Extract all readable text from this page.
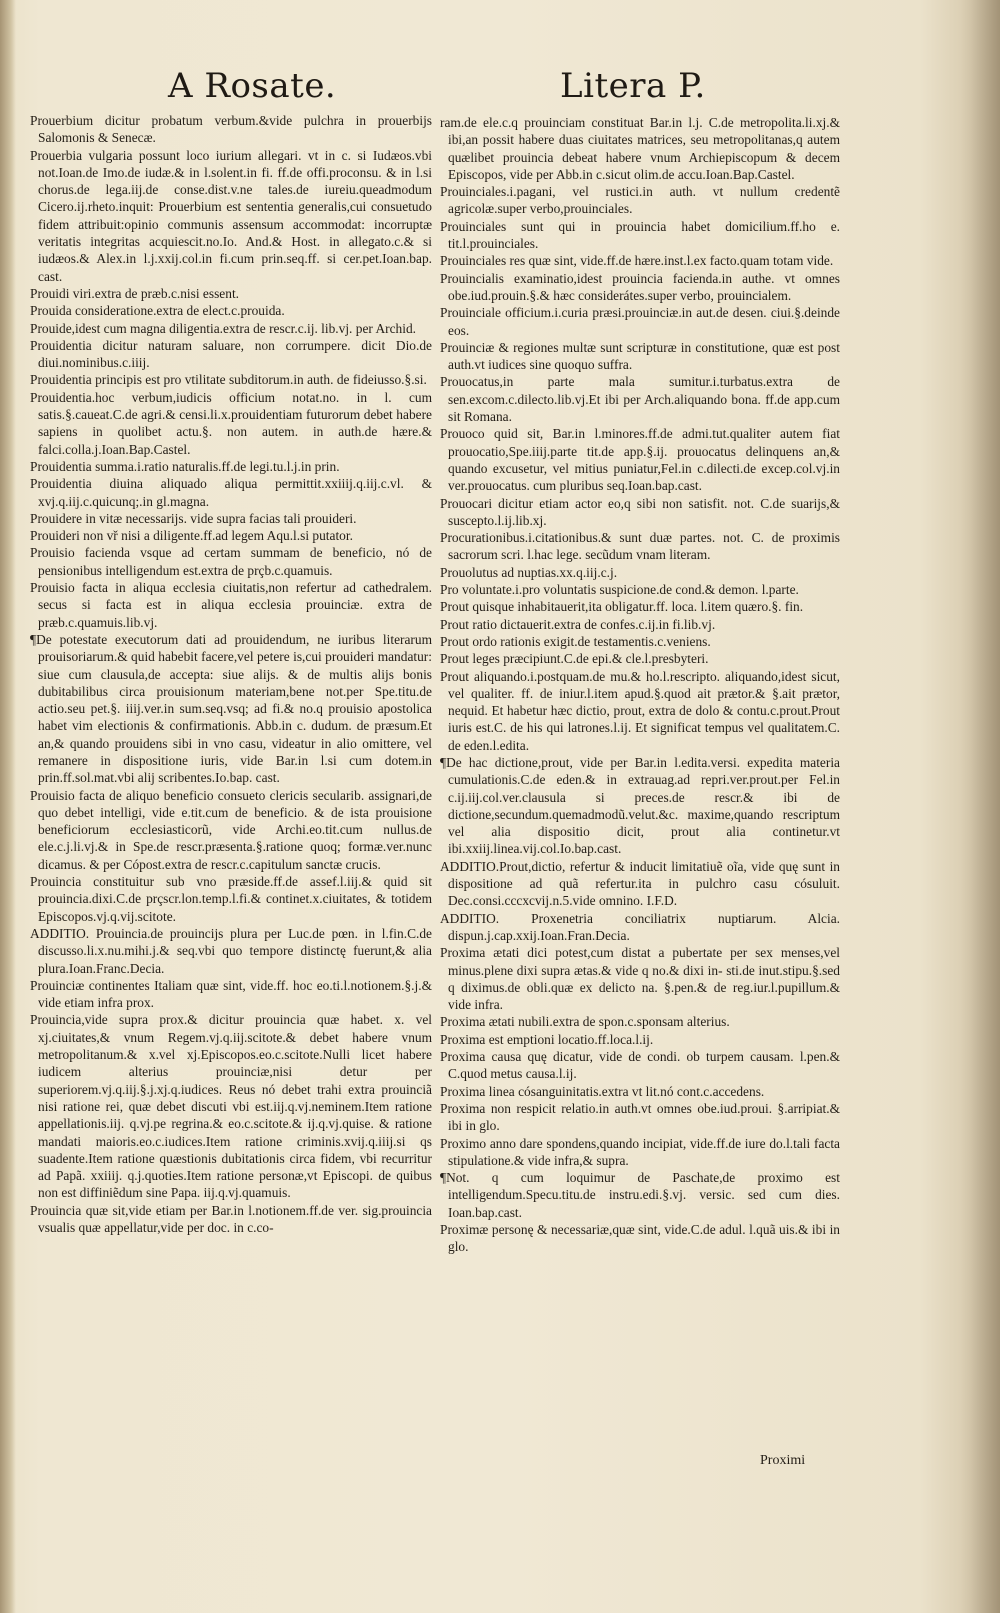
A Rosate.	Litera P.

Prouerbium dicitur probatum verbum.&vide pulchra in prouerbijs Salomonis & Senecæ.

Prouerbia vulgaria possunt loco iurium allegari. vt in c. si Iudæos.vbi not.Ioan.de Imo.de iudæ.& in l.solent.in fi. ff.de offi.proconsu. & in l.si chorus.de lega.iij.de conse.dist.v.ne tales.de iureiu.queadmodum Cicero.ij.rheto.inquit: Prouerbium est sententia generalis,cui consuetudo fidem attribuit:opinio communis assensum accommodat: incorruptæ veritatis integritas acquiescit.no.Io. And.& Host. in allegato.c.& si iudæos.& Alex.in l.j.xxij.col.in fi.cum prin.seq.ff. si cer.pet.Ioan.bap. cast.

Prouidi viri.extra de præb.c.nisi essent.

Prouida consideratione.extra de elect.c.prouida.

Prouide,idest cum magna diligentia.extra de rescr.c.ij. lib.vj. per Archid.

Prouidentia dicitur naturam saluare, non corrumpere. dicit Dio.de diui.nominibus.c.iiij.

Prouidentia principis est pro vtilitate subditorum.in auth. de fideiusso.§.si.

Prouidentia.hoc verbum,iudicis officium notat.no. in l. cum satis.§.caueat.C.de agri.& censi.li.x.prouidentiam futurorum debet habere sapiens in quolibet actu.§. non autem. in auth.de hære.& falci.colla.j.Ioan.Bap.Castel.

Prouidentia summa.i.ratio naturalis.ff.de legi.tu.l.j.in prin.

Prouidentia diuina aliquado aliqua permittit.xxiiij.q.iij.c.vl. & xvj.q.iij.c.quicunq;.in gl.magna.

Prouidere in vitæ necessarijs. vide supra facias tali prouideri.

Prouideri non vř nisi a diligente.ff.ad legem Aqu.l.si putator.

Prouisio facienda vsque ad certam summam de beneficio, nó de pensionibus intelligendum est.extra de prçb.c.quamuis.

Prouisio facta in aliqua ecclesia ciuitatis,non refertur ad cathedralem. secus si facta est in aliqua ecclesia prouinciæ. extra de præb.c.quamuis.lib.vj.

¶De potestate executorum dati ad prouidendum, ne iuribus literarum prouisoriarum.& quid habebit facere,vel petere is,cui prouideri mandatur: siue cum clausula,de accepta: siue alijs. & de multis alijs bonis dubitabilibus circa prouisionum materiam,bene not.per Spe.titu.de actio.seu pet.§. iiij.ver.in sum.seq.vsq; ad fi.& no.q prouisio apostolica habet vim electionis & confirmationis. Abb.in c. dudum. de præsum.Et an,& quando prouidens sibi in vno casu, videatur in alio omittere, vel remanere in dispositione iuris, vide Bar.in l.si cum dotem.in prin.ff.sol.mat.vbi alij scribentes.Io.bap. cast.

Prouisio facta de aliquo beneficio consueto clericis secularib. assignari,de quo debet intelligi, vide e.tit.cum de beneficio. & de ista prouisione beneficiorum ecclesiasticorũ, vide Archi.eo.tit.cum nullus.de ele.c.j.li.vj.& in Spe.de rescr.præsenta.§.ratione quoq; formæ.ver.nunc dicamus. & per Cópost.extra de rescr.c.capitulum sanctæ crucis.

Prouincia constituitur sub vno præside.ff.de assef.l.iij.& quid sit prouincia.dixi.C.de prçscr.lon.temp.l.fi.& continet.x.ciuitates, & totidem Episcopos.vj.q.vij.scitote.

ADDITIO. Prouincia.de prouincijs plura per Luc.de pœn. in l.fin.C.de discusso.li.x.nu.mihi.j.& seq.vbi quo tempore distinctę fuerunt,& alia plura.Ioan.Franc.Decia.

Prouinciæ continentes Italiam quæ sint, vide.ff. hoc eo.ti.l.notionem.§.j.& vide etiam infra prox.

Prouincia,vide supra prox.& dicitur prouincia quæ habet. x. vel xj.ciuitates,& vnum Regem.vj.q.iij.scitote.& debet habere vnum metropolitanum.& x.vel xj.Episcopos.eo.c.scitote.Nulli licet habere iudicem alterius prouinciæ,nisi detur per superiorem.vj.q.iij.§.j.xj.q.iudices. Reus nó debet trahi extra prouinciã nisi ratione rei, quæ debet discuti vbi est.iij.q.vj.neminem.Item ratione appellationis.iij. q.vj.pe regrina.& eo.c.scitote.& ij.q.vj.quise. & ratione mandati maioris.eo.c.iudices.Item ratione criminis.xvij.q.iiij.si qs suadente.Item ratione quæstionis dubitationis circa fidem, vbi recurritur ad Papã. xxiiij. q.j.quoties.Item ratione personæ,vt Episcopi. de quibus non est diffiniẽdum sine Papa. iij.q.vj.quamuis.

Prouincia quæ sit,vide etiam per Bar.in l.notionem.ff.de ver. sig.prouincia vsualis quæ appellatur,vide per doc. in c.co-

ram.de ele.c.q prouinciam constituat Bar.in l.j. C.de metropolita.li.xj.& ibi,an possit habere duas ciuitates matrices, seu metropolitanas,q autem quælibet prouincia debeat habere vnum Archiepiscopum & decem Episcopos, vide per Abb.in c.sicut olim.de accu.Ioan.Bap.Castel.

Prouinciales.i.pagani, vel rustici.in auth. vt nullum credentẽ agricolæ.super verbo,prouinciales.

Prouinciales sunt qui in prouincia habet domicilium.ff.ho e. tit.l.prouinciales.

Prouinciales res quæ sint, vide.ff.de hære.inst.l.ex facto.quam totam vide.

Prouincialis examinatio,idest prouincia facienda.in authe. vt omnes obe.iud.prouin.§.& hæc considerátes.super verbo, prouincialem.

Prouinciale officium.i.curia præsi.prouinciæ.in aut.de desen. ciui.§.deinde eos.

Prouinciæ & regiones multæ sunt scripturæ in constitutione, quæ est post auth.vt iudices sine quoquo suffra.

Prouocatus,in parte mala sumitur.i.turbatus.extra de sen.excom.c.dilecto.lib.vj.Et ibi per Arch.aliquando bona. ff.de app.cum sit Romana.

Prouoco quid sit, Bar.in l.minores.ff.de admi.tut.qualiter autem fiat prouocatio,Spe.iiij.parte tit.de app.§.ij. prouocatus delinquens an,& quando excusetur, vel mitius puniatur,Fel.in c.dilecti.de excep.col.vj.in ver.prouocatus. cum pluribus seq.Ioan.bap.cast.

Prouocari dicitur etiam actor eo,q sibi non satisfit. not. C.de suarijs,& suscepto.l.ij.lib.xj.

Procurationibus.i.citationibus.& sunt duæ partes. not. C. de proximis sacrorum scri. l.hac lege. secũdum vnam literam.

Prouolutus ad nuptias.xx.q.iij.c.j.

Pro voluntate.i.pro voluntatis suspicione.de cond.& demon. l.parte.

Prout quisque inhabitauerit,ita obligatur.ff. loca. l.item quæro.§. fin.

Prout ratio dictauerit.extra de confes.c.ij.in fi.lib.vj.

Prout ordo rationis exigit.de testamentis.c.veniens.

Prout leges præcipiunt.C.de epi.& cle.l.presbyteri.

Prout aliquando.i.postquam.de mu.& ho.l.rescripto. aliquando,idest sicut, vel qualiter. ff. de iniur.l.item apud.§.quod ait prætor.& §.ait prætor, nequid. Et habetur hæc dictio, prout, extra de dolo & contu.c.prout.Prout iuris est.C. de his qui latrones.l.ij. Et significat tempus vel qualitatem.C. de eden.l.edita.

¶De hac dictione,prout, vide per Bar.in l.edita.versi. expedita materia cumulationis.C.de eden.& in extrauag.ad repri.ver.prout.per Fel.in c.ij.iij.col.ver.clausula si preces.de rescr.& ibi de dictione,secundum.quemadmodũ.velut.&c. maxime,quando rescriptum vel alia dispositio dicit, prout alia continetur.vt ibi.xxiij.linea.vij.col.Io.bap.cast.

ADDITIO.Prout,dictio, refertur & inducit limitatiuẽ oĩa, vide quę sunt in dispositione ad quã refertur.ita in pulchro casu cósuluit. Dec.consi.cccxcvij.n.5.vide omnino. I.F.D.

ADDITIO. Proxenetria conciliatrix nuptiarum. Alcia. dispun.j.cap.xxij.Ioan.Fran.Decia.

Proxima ætati dici potest,cum distat a pubertate per sex menses,vel minus.plene dixi supra ætas.& vide q no.& dixi in- sti.de inut.stipu.§.sed q diximus.de obli.quæ ex delicto na. §.pen.& de reg.iur.l.pupillum.& vide infra.

Proxima ætati nubili.extra de spon.c.sponsam alterius.

Proxima est emptioni locatio.ff.loca.l.ij.

Proxima causa quę dicatur, vide de condi. ob turpem causam. l.pen.& C.quod metus causa.l.ij.

Proxima linea cósanguinitatis.extra vt lit.nó cont.c.accedens.

Proxima non respicit relatio.in auth.vt omnes obe.iud.proui. §.arripiat.& ibi in glo.

Proximo anno dare spondens,quando incipiat, vide.ff.de iure do.l.tali facta stipulatione.& vide infra,& supra.

¶Not. q cum loquimur de Paschate,de proximo est intelligendum.Specu.titu.de instru.edi.§.vj. versic. sed cum dies. Ioan.bap.cast.

Proximæ personę & necessariæ,quæ sint, vide.C.de adul. l.quã uis.& ibi in glo.

Proximi
